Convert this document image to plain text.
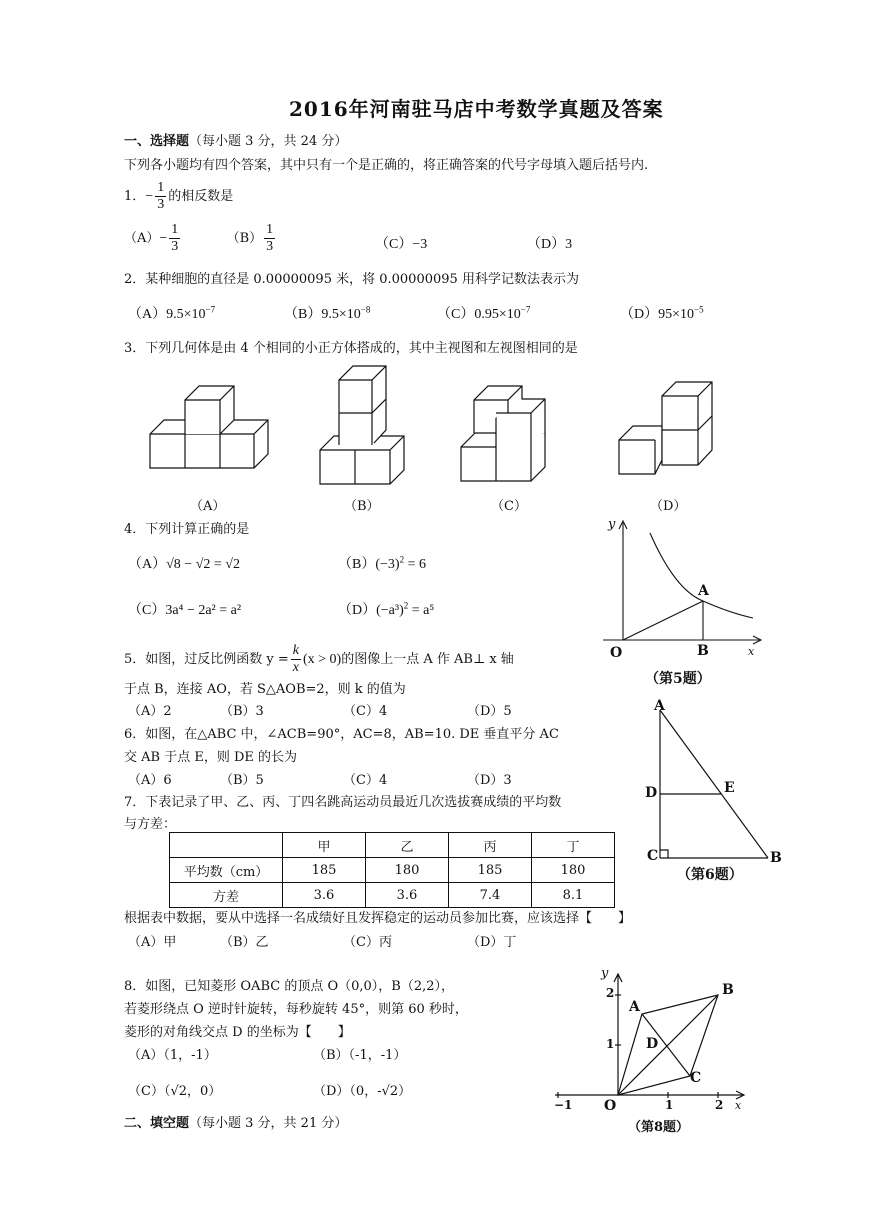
2016年河南驻马店中考数学真题及答案
一、选择题（每小题 3 分，共 24 分）
下列各小题均有四个答案，其中只有一个是正确的，将正确答案的代号字母填入题后括号内.
1．− $\frac{1}{3}$ 的相反数是
$(A)- \frac{1}{3}$	$(B) \frac{1}{3}$	（C）−3	（D）3
2．某种细胞的直径是 0.00000095 米，将 0.00000095 用科学记数法表示为
$(A)9.5\times 10^{-7}$	$(B)9.5\times 10^{-8}$	$(C)0.95\times 10^{-7}$	$(D)95\times 10^{-5}$
3．下列几何体是由 4 个相同的小正方体搭成的，其中主视图和左视图相同的是
（A）	（B）	（C）	（D）
4．下列计算正确的是
（A）√8 − √2 = √2	$(B)(-3)^2 = 6$
（C）3a⁴ − 2a² = a²	$(D)(-a^3)^2 = a^5$
y
x
O
A
B
（第5题）
5．如图，过反比例函数 $y = \frac{k}{x} (x > 0)$的图像上一点 A 作 AB⊥ x 轴
于点 B，连接 AO，若 S△AOB=2，则 k 的值为
（A）2	（B）3	（C）4	（D）5
6．如图，在△ABC 中，∠ACB=90°，AC=8，AB=10. DE 垂直平分 AC
交 AB 于点 E，则 DE 的长为
（A）6	（B）5	（C）4	（D）3
A
D	E
C	B
（第6题）
7．下表记录了甲、乙、丙、丁四名跳高运动员最近几次选拔赛成绩的平均数
与方差：
	甲	乙	丙	丁
平均数（cm）	185	180	185	180
方差	3.6	3.6	7.4	8.1
根据表中数据，要从中选择一名成绩好且发挥稳定的运动员参加比赛，应该选择【　　】
（A）甲	（B）乙	（C）丙	（D）丁
8．如图，已知菱形 OABC 的顶点 O（0,0），B（2,2），
若菱形绕点 O 逆时针旋转，每秒旋转 45°，则第 60 秒时，
菱形的对角线交点 D 的坐标为【　　】
（A）（1，-1）	（B）（-1，-1）
（C）（√2，0）	（D）（0，-√2）
y
x
2
1
−1	1	2
O
A
B
C
D
（第8题）
二、填空题（每小题 3 分，共 21 分）
